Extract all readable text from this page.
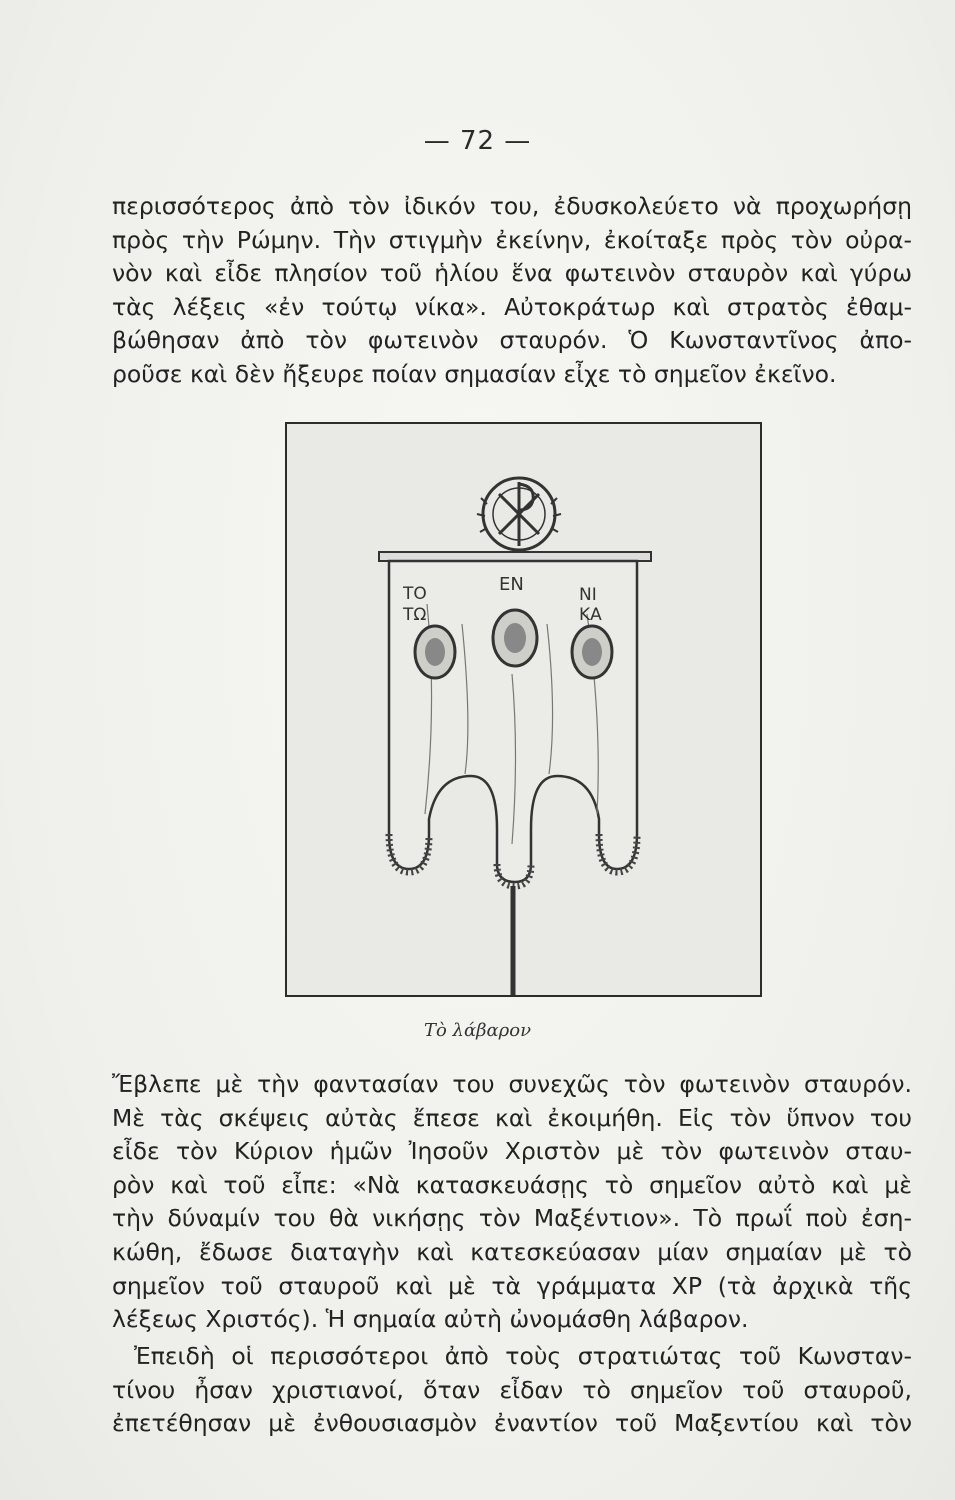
— 72 —

περισσότερος ἀπὸ τὸν ἰδικόν του, ἐδυσκολεύετο νὰ προχωρήσῃ
πρὸς τὴν Ρώμην. Τὴν στιγμὴν ἐκείνην, ἐκοίταξε πρὸς τὸν οὐρα-
νὸν καὶ εἶδε πλησίον τοῦ ἡλίου ἕνα φωτεινὸν σταυρὸν καὶ γύρω
τὰς λέξεις «ἐν τούτῳ νίκα». Αὐτοκράτωρ καὶ στρατὸς ἐθαμ-
βώθησαν ἀπὸ τὸν φωτεινὸν σταυρόν. Ὁ Κωνσταντῖνος ἀπο-
ροῦσε καὶ δὲν ἤξευρε ποίαν σημασίαν εἶχε τὸ σημεῖον ἐκεῖνο.

ΤΟ
ΤΩ
ΕΝ	ΝΙ
ΚΑ
Τὸ λάβαρον

Ἔβλεπε μὲ τὴν φαντασίαν του συνεχῶς τὸν φωτεινὸν σταυρόν.
Μὲ τὰς σκέψεις αὐτὰς ἔπεσε καὶ ἐκοιμήθη. Εἰς τὸν ὕπνον του
εἶδε τὸν Κύριον ἡμῶν Ἰησοῦν Χριστὸν μὲ τὸν φωτεινὸν σταυ-
ρὸν καὶ τοῦ εἶπε: «Νὰ κατασκευάσῃς τὸ σημεῖον αὐτὸ καὶ μὲ
τὴν δύναμίν του θὰ νικήσῃς τὸν Μαξέντιον». Τὸ πρωΐ ποὺ ἐση-
κώθη, ἔδωσε διαταγὴν καὶ κατεσκεύασαν μίαν σημαίαν μὲ τὸ
σημεῖον τοῦ σταυροῦ καὶ μὲ τὰ γράμματα ΧΡ (τὰ ἀρχικὰ τῆς
λέξεως Χριστός). Ἡ σημαία αὐτὴ ὠνομάσθη λάβαρον.

Ἐπειδὴ οἱ περισσότεροι ἀπὸ τοὺς στρατιώτας τοῦ Κωνσταν-
τίνου ἦσαν χριστιανοί, ὅταν εἶδαν τὸ σημεῖον τοῦ σταυροῦ,
ἐπετέθησαν μὲ ἐνθουσιασμὸν ἐναντίον τοῦ Μαξεντίου καὶ τὸν
